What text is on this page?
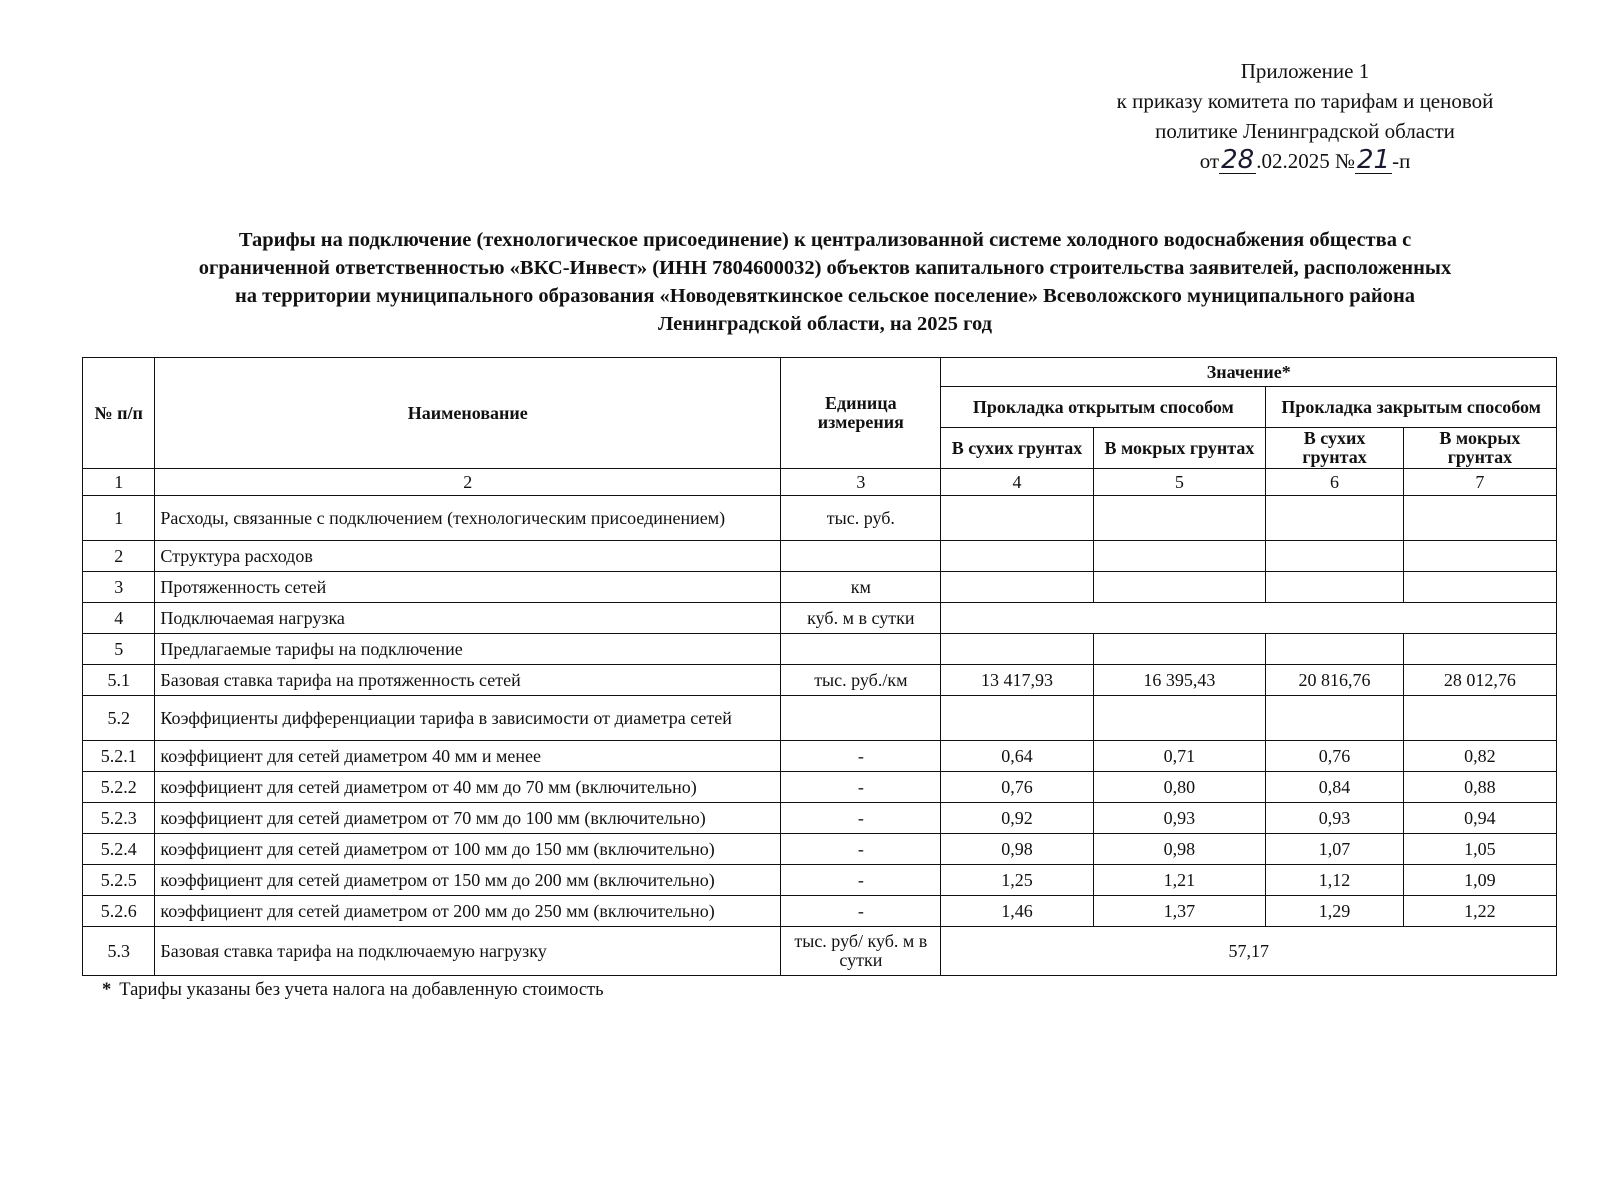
Приложение 1
к приказу комитета по тарифам и ценовой
политике Ленинградской области
от28.02.2025 №21-п
Тарифы на подключение (технологическое присоединение) к централизованной системе холодного водоснабжения общества с
ограниченной ответственностью «ВКС-Инвест» (ИНН 7804600032) объектов капитального строительства заявителей, расположенных
на территории муниципального образования «Новодевяткинское сельское поселение» Всеволожского муниципального района
Ленинградской области, на 2025 год
№ п/п	Наименование	Единица измерения	Значение*			
			Прокладка открытым способом		Прокладка закрытым способом	
			В сухих грунтах	В мокрых грунтах	В сухих грунтах	В мокрых грунтах
1	2	3	4	5	6	7
1	Расходы, связанные с подключением (технологическим присоединением)	тыс. руб.				
2	Структура расходов					
3	Протяженность сетей	км				
4	Подключаемая нагрузка	куб. м в сутки				
5	Предлагаемые тарифы на подключение					
5.1	Базовая ставка тарифа на протяженность сетей	тыс. руб./км	13 417,93	16 395,43	20 816,76	28 012,76
5.2	Коэффициенты дифференциации тарифа в зависимости от диаметра сетей					
5.2.1	коэффициент для сетей диаметром 40 мм и менее	-	0,64	0,71	0,76	0,82
5.2.2	коэффициент для сетей диаметром от 40 мм до 70 мм (включительно)	-	0,76	0,80	0,84	0,88
5.2.3	коэффициент для сетей диаметром от 70 мм до 100 мм (включительно)	-	0,92	0,93	0,93	0,94
5.2.4	коэффициент для сетей диаметром от 100 мм до 150 мм (включительно)	-	0,98	0,98	1,07	1,05
5.2.5	коэффициент для сетей диаметром от 150 мм до 200 мм (включительно)	-	1,25	1,21	1,12	1,09
5.2.6	коэффициент для сетей диаметром от 200 мм до 250 мм (включительно)	-	1,46	1,37	1,29	1,22
5.3	Базовая ставка тарифа на подключаемую нагрузку	тыс. руб/ куб. м в сутки	57,17			
* Тарифы указаны без учета налога на добавленную стоимость
